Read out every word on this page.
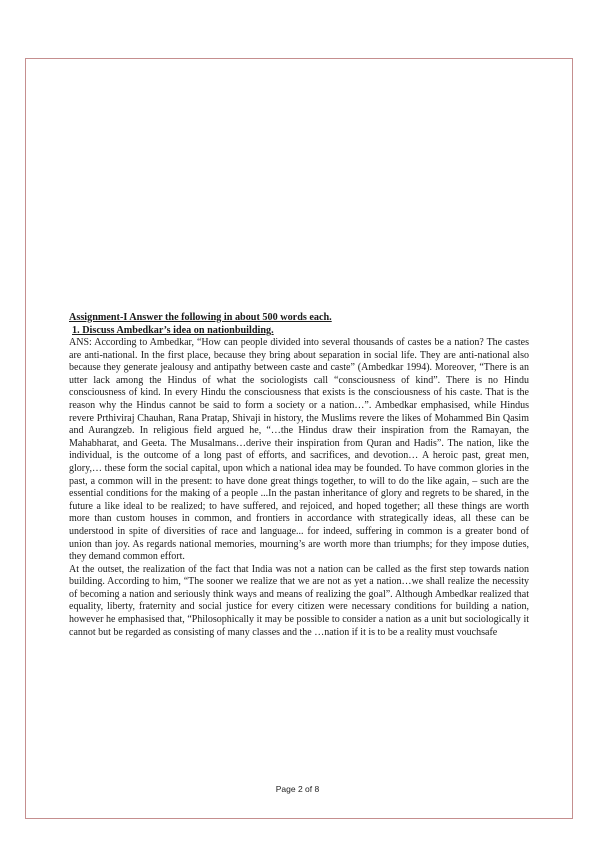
Assignment-I Answer the following in about 500 words each.

1. Discuss Ambedkar’s idea on nationbuilding.

ANS: According to Ambedkar, “How can people divided into several thousands of castes be a nation? The castes are anti-national. In the first place, because they bring about separation in social life. They are anti-national also because they generate jealousy and antipathy between caste and caste” (Ambedkar 1994). Moreover, “There is an utter lack among the Hindus of what the sociologists call “consciousness of kind”. There is no Hindu consciousness of kind. In every Hindu the consciousness that exists is the consciousness of his caste. That is the reason why the Hindus cannot be said to form a society or a nation…”. Ambedkar emphasised, while Hindus revere Prthiviraj Chauhan, Rana Pratap, Shivaji in history, the Muslims revere the likes of Mohammed Bin Qasim and Aurangzeb. In religious field argued he, “…the Hindus draw their inspiration from the Ramayan, the Mahabharat, and Geeta. The Musalmans…derive their inspiration from Quran and Hadis”. The nation, like the individual, is the outcome of a long past of efforts, and sacrifices, and devotion… A heroic past, great men, glory,… these form the social capital, upon which a national idea may be founded. To have common glories in the past, a common will in the present: to have done great things together, to will to do the like again, – such are the essential conditions for the making of a people ...In the pastan inheritance of glory and regrets to be shared, in the future a like ideal to be realized; to have suffered, and rejoiced, and hoped together; all these things are worth more than custom houses in common, and frontiers in accordance with strategically ideas, all these can be understood in spite of diversities of race and language... for indeed, suffering in common is a greater bond of union than joy. As regards national memories, mourning’s are worth more than triumphs; for they impose duties, they demand common effort.

At the outset, the realization of the fact that India was not a nation can be called as the first step towards nation building. According to him, “The sooner we realize that we are not as yet a nation…we shall realize the necessity of becoming a nation and seriously think ways and means of realizing the goal”. Although Ambedkar realized that equality, liberty, fraternity and social justice for every citizen were necessary conditions for building a nation, however he emphasised that, “Philosophically it may be possible to consider a nation as a unit but sociologically it cannot but be regarded as consisting of many classes and the …nation if it is to be a reality must vouchsafe

Page 2 of 8
